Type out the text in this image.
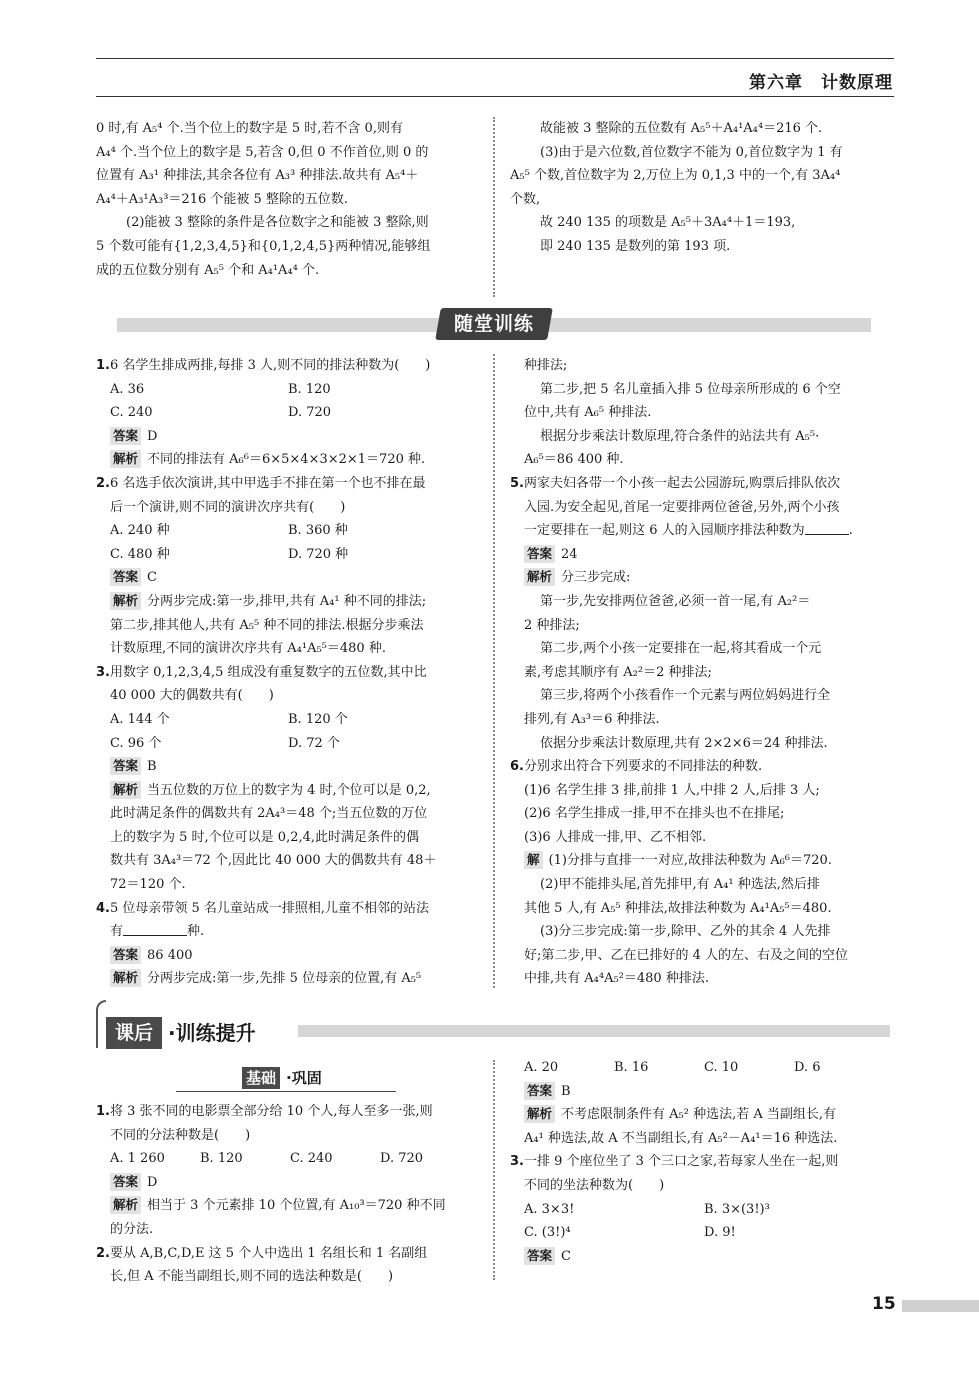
第六章　计数原理

0 时,有 A₅⁴ 个.当个位上的数字是 5 时,若不含 0,则有

A₄⁴ 个.当个位上的数字是 5,若含 0,但 0 不作首位,则 0 的

位置有 A₃¹ 种排法,其余各位有 A₃³ 种排法.故共有 A₅⁴＋

A₄⁴＋A₃¹A₃³＝216 个能被 5 整除的五位数.

(2)能被 3 整除的条件是各位数字之和能被 3 整除,则

5 个数可能有{1,2,3,4,5}和{0,1,2,4,5}两种情况,能够组

成的五位数分别有 A₅⁵ 个和 A₄¹A₄⁴ 个.

故能被 3 整除的五位数有 A₅⁵＋A₄¹A₄⁴＝216 个.

(3)由于是六位数,首位数字不能为 0,首位数字为 1 有

A₅⁵ 个数,首位数字为 2,万位上为 0,1,3 中的一个,有 3A₄⁴

个数,

故 240 135 的项数是 A₅⁵＋3A₄⁴＋1＝193,

即 240 135 是数列的第 193 项.

随堂训练

1.6 名学生排成两排,每排 3 人,则不同的排法种数为(　　)

A. 36	B. 120
C. 240	D. 720

答案 D

解析 不同的排法有 A₆⁶＝6×5×4×3×2×1＝720 种.

2.6 名选手依次演讲,其中甲选手不排在第一个也不排在最

后一个演讲,则不同的演讲次序共有(　　)

A. 240 种	B. 360 种
C. 480 种	D. 720 种

答案 C

解析 分两步完成:第一步,排甲,共有 A₄¹ 种不同的排法;

第二步,排其他人,共有 A₅⁵ 种不同的排法.根据分步乘法

计数原理,不同的演讲次序共有 A₄¹A₅⁵＝480 种.

3.用数字 0,1,2,3,4,5 组成没有重复数字的五位数,其中比

40 000 大的偶数共有(　　)

A. 144 个	B. 120 个
C. 96 个	D. 72 个

答案 B

解析 当五位数的万位上的数字为 4 时,个位可以是 0,2,

此时满足条件的偶数共有 2A₄³＝48 个;当五位数的万位

上的数字为 5 时,个位可以是 0,2,4,此时满足条件的偶

数共有 3A₄³＝72 个,因此比 40 000 大的偶数共有 48＋

72＝120 个.

4.5 位母亲带领 5 名儿童站成一排照相,儿童不相邻的站法

有	种.

答案 86 400

解析 分两步完成:第一步,先排 5 位母亲的位置,有 A₅⁵

种排法;

第二步,把 5 名儿童插入排 5 位母亲所形成的 6 个空

位中,共有 A₆⁵ 种排法.

根据分步乘法计数原理,符合条件的站法共有 A₅⁵·

A₆⁵＝86 400 种.

5.两家夫妇各带一个小孩一起去公园游玩,购票后排队依次

入园.为安全起见,首尾一定要排两位爸爸,另外,两个小孩

一定要排在一起,则这 6 人的入园顺序排法种数为	.

答案 24

解析 分三步完成:

第一步,先安排两位爸爸,必须一首一尾,有 A₂²＝

2 种排法;

第二步,两个小孩一定要排在一起,将其看成一个元

素,考虑其顺序有 A₂²＝2 种排法;

第三步,将两个小孩看作一个元素与两位妈妈进行全

排列,有 A₃³＝6 种排法.

依据分步乘法计数原理,共有 2×2×6＝24 种排法.

6.分别求出符合下列要求的不同排法的种数.

(1)6 名学生排 3 排,前排 1 人,中排 2 人,后排 3 人;

(2)6 名学生排成一排,甲不在排头也不在排尾;

(3)6 人排成一排,甲、乙不相邻.

解 (1)分排与直排一一对应,故排法种数为 A₆⁶＝720.

(2)甲不能排头尾,首先排甲,有 A₄¹ 种选法,然后排

其他 5 人,有 A₅⁵ 种排法,故排法种数为 A₄¹A₅⁵＝480.

(3)分三步完成:第一步,除甲、乙外的其余 4 人先排

好;第二步,甲、乙在已排好的 4 人的左、右及之间的空位

中排,共有 A₄⁴A₅²＝480 种排法.

课后 ·训练提升
基础 ·巩固

1.将 3 张不同的电影票全部分给 10 个人,每人至多一张,则

不同的分法种数是(　　)

A. 1 260	B. 120	C. 240	D. 720

答案 D

解析 相当于 3 个元素排 10 个位置,有 A₁₀³＝720 种不同

的分法.

2.要从 A,B,C,D,E 这 5 个人中选出 1 名组长和 1 名副组

长,但 A 不能当副组长,则不同的选法种数是(　　)

A. 20	B. 16	C. 10	D. 6

答案 B

解析 不考虑限制条件有 A₅² 种选法,若 A 当副组长,有

A₄¹ 种选法,故 A 不当副组长,有 A₅²－A₄¹＝16 种选法.

3.一排 9 个座位坐了 3 个三口之家,若每家人坐在一起,则

不同的坐法种数为(　　)

A. 3×3!	B. 3×(3!)³
C. (3!)⁴	D. 9!

答案 C

15
